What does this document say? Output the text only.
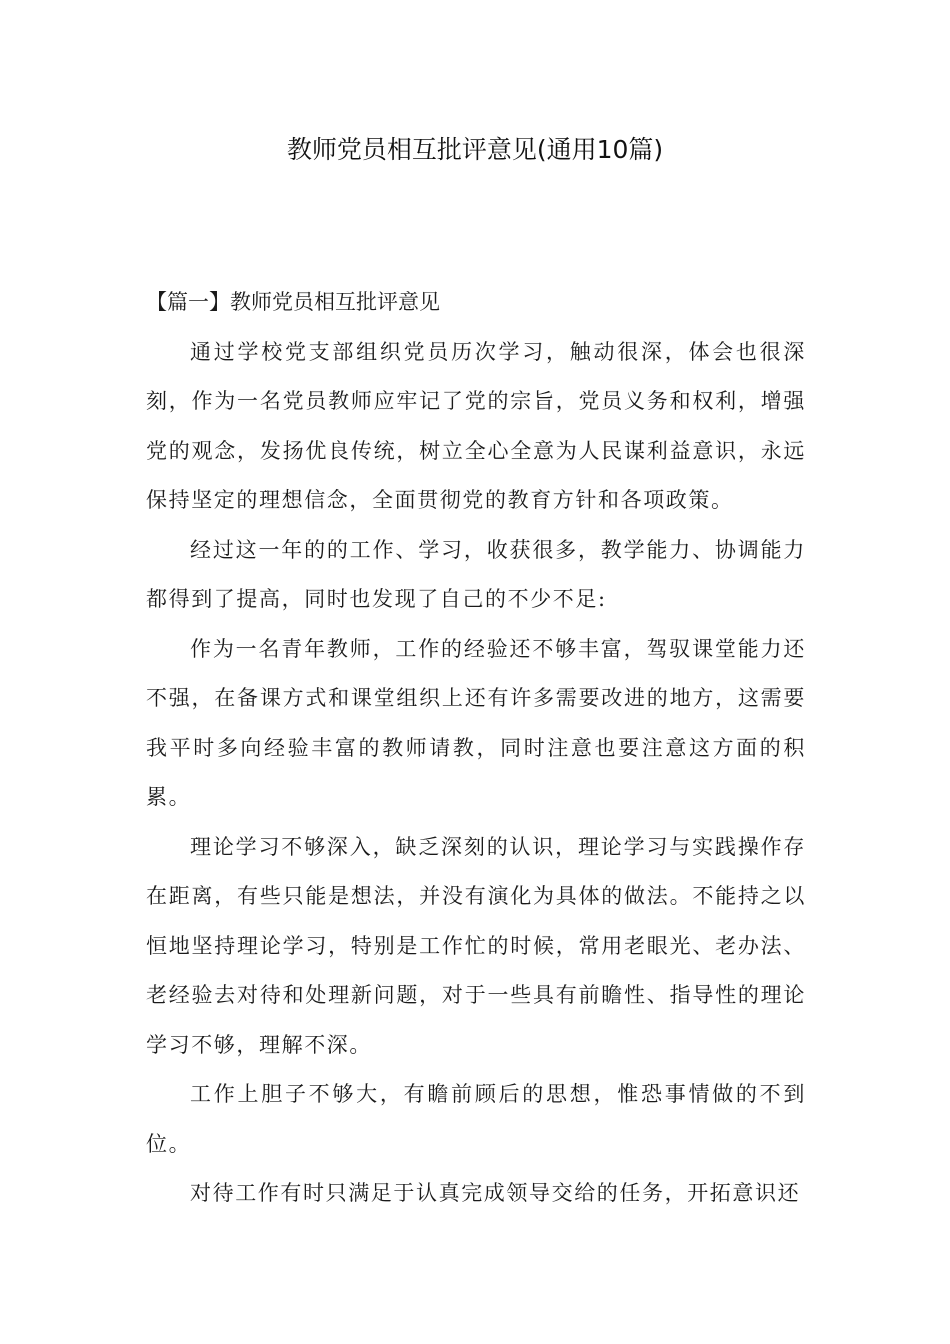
教师党员相互批评意见(通用10篇)

【篇一】教师党员相互批评意见

通过学校党支部组织党员历次学习，触动很深，体会也很深刻，作为一名党员教师应牢记了党的宗旨，党员义务和权利，增强党的观念，发扬优良传统，树立全心全意为人民谋利益意识，永远保持坚定的理想信念，全面贯彻党的教育方针和各项政策。

经过这一年的的工作、学习，收获很多，教学能力、协调能力都得到了提高，同时也发现了自己的不少不足:

作为一名青年教师，工作的经验还不够丰富，驾驭课堂能力还不强，在备课方式和课堂组织上还有许多需要改进的地方，这需要我平时多向经验丰富的教师请教，同时注意也要注意这方面的积累。

理论学习不够深入，缺乏深刻的认识，理论学习与实践操作存在距离，有些只能是想法，并没有演化为具体的做法。不能持之以恒地坚持理论学习，特别是工作忙的时候，常用老眼光、老办法、老经验去对待和处理新问题，对于一些具有前瞻性、指导性的理论学习不够，理解不深。

工作上胆子不够大，有瞻前顾后的思想，惟恐事情做的不到位。

对待工作有时只满足于认真完成领导交给的任务，开拓意识还
